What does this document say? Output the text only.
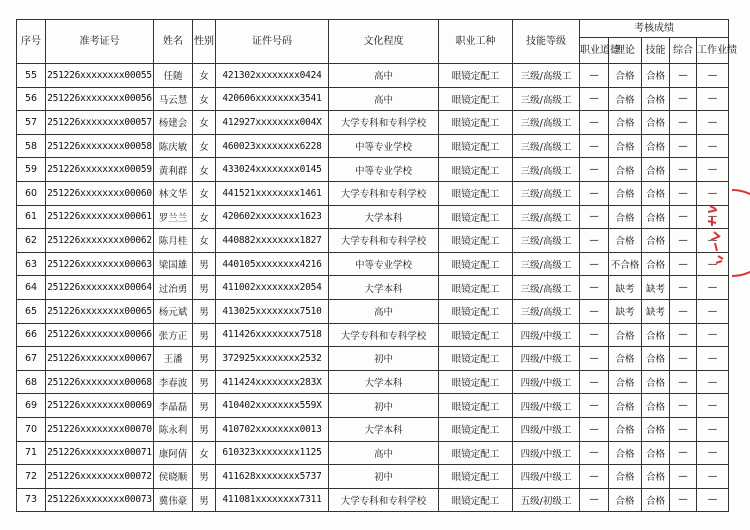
序号	准考证号	姓名	性别	证件号码	文化程度	职业工种	技能等级	考核成绩				
								职业道德	理论	技能	综合	工作业绩
55	251226xxxxxxxx00055	任随	女	421302xxxxxxxx0424	高中	眼镜定配工	三级/高级工	—	合格	合格	—	—
56	251226xxxxxxxx00056	马云慧	女	420606xxxxxxxx3541	高中	眼镜定配工	三级/高级工	—	合格	合格	—	—
57	251226xxxxxxxx00057	杨建会	女	412927xxxxxxxx004X	大学专科和专科学校	眼镜定配工	三级/高级工	—	合格	合格	—	—
58	251226xxxxxxxx00058	陈庆敏	女	460023xxxxxxxx6228	中等专业学校	眼镜定配工	三级/高级工	—	合格	合格	—	—
59	251226xxxxxxxx00059	黄利群	女	433024xxxxxxxx0145	中等专业学校	眼镜定配工	三级/高级工	—	合格	合格	—	—
60	251226xxxxxxxx00060	林文华	女	441521xxxxxxxx1461	大学专科和专科学校	眼镜定配工	三级/高级工	—	合格	合格	—	—
61	251226xxxxxxxx00061	罗兰兰	女	420602xxxxxxxx1623	大学本科	眼镜定配工	三级/高级工	—	合格	合格	—	—
62	251226xxxxxxxx00062	陈月桂	女	440882xxxxxxxx1827	大学专科和专科学校	眼镜定配工	三级/高级工	—	合格	合格	—	—
63	251226xxxxxxxx00063	梁国雄	男	440105xxxxxxxx4216	中等专业学校	眼镜定配工	三级/高级工	—	不合格	合格	—	—
64	251226xxxxxxxx00064	过治勇	男	411002xxxxxxxx2054	大学本科	眼镜定配工	三级/高级工	—	缺考	缺考	—	—
65	251226xxxxxxxx00065	杨元斌	男	413025xxxxxxxx7510	高中	眼镜定配工	三级/高级工	—	缺考	缺考	—	—
66	251226xxxxxxxx00066	张方正	男	411426xxxxxxxx7518	大学专科和专科学校	眼镜定配工	四级/中级工	—	合格	合格	—	—
67	251226xxxxxxxx00067	王潘	男	372925xxxxxxxx2532	初中	眼镜定配工	四级/中级工	—	合格	合格	—	—
68	251226xxxxxxxx00068	李春波	男	411424xxxxxxxx283X	大学本科	眼镜定配工	四级/中级工	—	合格	合格	—	—
69	251226xxxxxxxx00069	李晶磊	男	410402xxxxxxxx559X	初中	眼镜定配工	四级/中级工	—	合格	合格	—	—
70	251226xxxxxxxx00070	陈永利	男	410702xxxxxxxx0013	大学本科	眼镜定配工	四级/中级工	—	合格	合格	—	—
71	251226xxxxxxxx00071	康阿倩	女	610323xxxxxxxx1125	高中	眼镜定配工	四级/中级工	—	合格	合格	—	—
72	251226xxxxxxxx00072	侯晓顺	男	411628xxxxxxxx5737	初中	眼镜定配工	四级/中级工	—	合格	合格	—	—
73	251226xxxxxxxx00073	冀伟豪	男	411081xxxxxxxx7311	大学专科和专科学校	眼镜定配工	五级/初级工	—	合格	合格	—	—
